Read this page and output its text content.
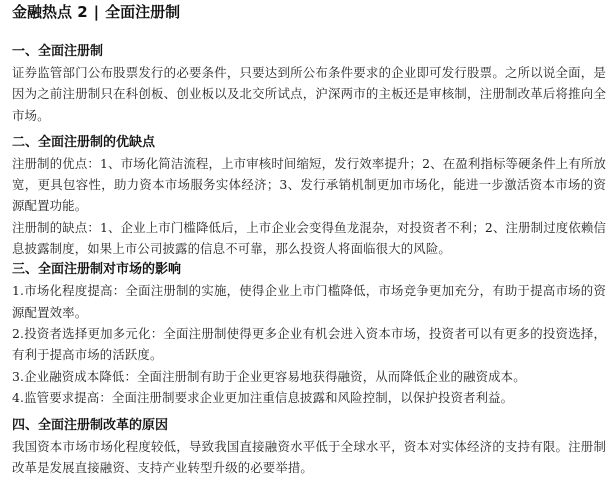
金融热点 2 | 全面注册制
一、全面注册制

证券监管部门公布股票发行的必要条件，只要达到所公布条件要求的企业即可发行股票。之所以说全面，是因为之前注册制只在科创板、创业板以及北交所试点，沪深两市的主板还是审核制，注册制改革后将推向全市场。

二、全面注册制的优缺点

注册制的优点：1、市场化简洁流程，上市审核时间缩短，发行效率提升；2、在盈利指标等硬条件上有所放宽，更具包容性，助力资本市场服务实体经济；3、发行承销机制更加市场化，能进一步激活资本市场的资源配置功能。

注册制的缺点：1、企业上市门槛降低后，上市企业会变得鱼龙混杂，对投资者不利；2、注册制过度依赖信息披露制度，如果上市公司披露的信息不可靠，那么投资人将面临很大的风险。

三、全面注册制对市场的影响

1.市场化程度提高：全面注册制的实施，使得企业上市门槛降低，市场竞争更加充分，有助于提高市场的资源配置效率。

2.投资者选择更加多元化：全面注册制使得更多企业有机会进入资本市场，投资者可以有更多的投资选择，有利于提高市场的活跃度。

3.企业融资成本降低：全面注册制有助于企业更容易地获得融资，从而降低企业的融资成本。

4.监管要求提高：全面注册制要求企业更加注重信息披露和风险控制，以保护投资者利益。

四、全面注册制改革的原因

我国资本市场市场化程度较低，导致我国直接融资水平低于全球水平，资本对实体经济的支持有限。注册制改革是发展直接融资、支持产业转型升级的必要举措。
